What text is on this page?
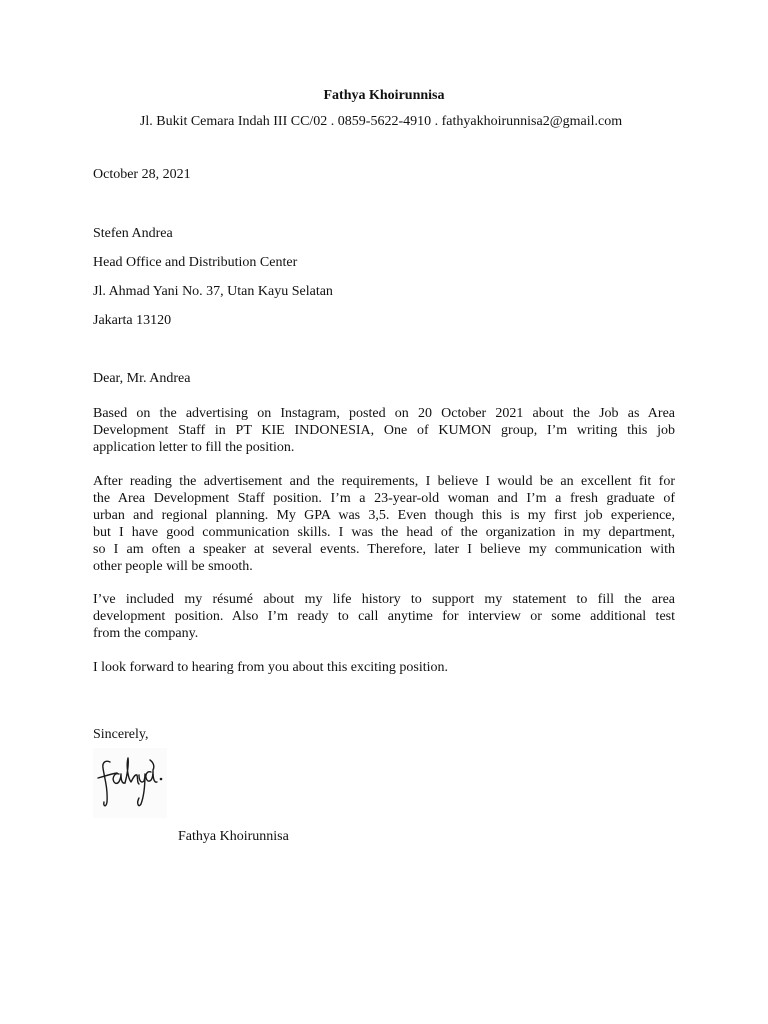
Fathya Khoirunnisa
Jl. Bukit Cemara Indah III CC/02 . 0859-5622-4910 . fathyakhoirunnisa2@gmail.com
October 28, 2021
Stefen Andrea
Head Office and Distribution Center
Jl. Ahmad Yani No. 37, Utan Kayu Selatan
Jakarta 13120
Dear, Mr. Andrea
Based on the advertising on Instagram, posted on 20 October 2021 about the Job as Area
Development Staff in PT KIE INDONESIA, One of KUMON group, I’m writing this job
application letter to fill the position.
After reading the advertisement and the requirements, I believe I would be an excellent fit for
the Area Development Staff position. I’m a 23-year-old woman and I’m a fresh graduate of
urban and regional planning. My GPA was 3,5. Even though this is my first job experience,
but I have good communication skills. I was the head of the organization in my department,
so I am often a speaker at several events. Therefore, later I believe my communication with
other people will be smooth.
I’ve included my résumé about my life history to support my statement to fill the area
development position. Also I’m ready to call anytime for interview or some additional test
from the company.
I look forward to hearing from you about this exciting position.
Sincerely,
Fathya Khoirunnisa
